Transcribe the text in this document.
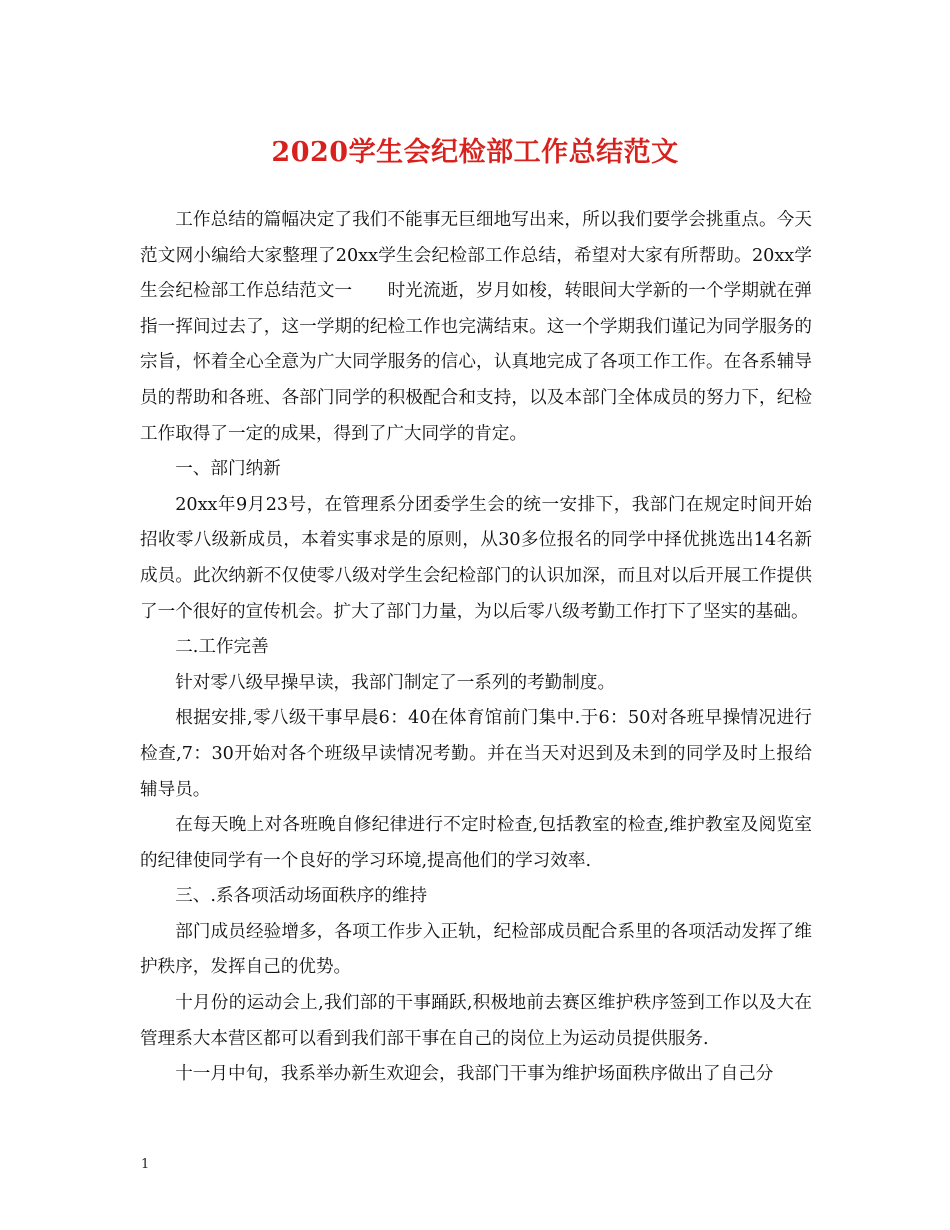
2020学生会纪检部工作总结范文

工作总结的篇幅决定了我们不能事无巨细地写出来，所以我们要学会挑重点。今天范文网小编给大家整理了20xx学生会纪检部工作总结，希望对大家有所帮助。20xx学生会纪检部工作总结范文一　　时光流逝，岁月如梭，转眼间大学新的一个学期就在弹指一挥间过去了，这一学期的纪检工作也完满结束。这一个学期我们谨记为同学服务的宗旨，怀着全心全意为广大同学服务的信心，认真地完成了各项工作工作。在各系辅导员的帮助和各班、各部门同学的积极配合和支持，以及本部门全体成员的努力下，纪检工作取得了一定的成果，得到了广大同学的肯定。

一、部门纳新

20xx年9月23号，在管理系分团委学生会的统一安排下，我部门在规定时间开始招收零八级新成员，本着实事求是的原则，从30多位报名的同学中择优挑选出14名新成员。此次纳新不仅使零八级对学生会纪检部门的认识加深，而且对以后开展工作提供了一个很好的宣传机会。扩大了部门力量，为以后零八级考勤工作打下了坚实的基础。

二.工作完善

针对零八级早操早读，我部门制定了一系列的考勤制度。

根据安排,零八级干事早晨6：40在体育馆前门集中.于6：50对各班早操情况进行检查,7：30开始对各个班级早读情况考勤。并在当天对迟到及未到的同学及时上报给辅导员。

在每天晚上对各班晚自修纪律进行不定时检查,包括教室的检查,维护教室及阅览室的纪律使同学有一个良好的学习环境,提高他们的学习效率.

三、.系各项活动场面秩序的维持

部门成员经验增多，各项工作步入正轨，纪检部成员配合系里的各项活动发挥了维护秩序，发挥自己的优势。

十月份的运动会上,我们部的干事踊跃,积极地前去赛区维护秩序签到工作以及大在管理系大本营区都可以看到我们部干事在自己的岗位上为运动员提供服务.

十一月中旬，我系举办新生欢迎会，我部门干事为维护场面秩序做出了自己分

1
